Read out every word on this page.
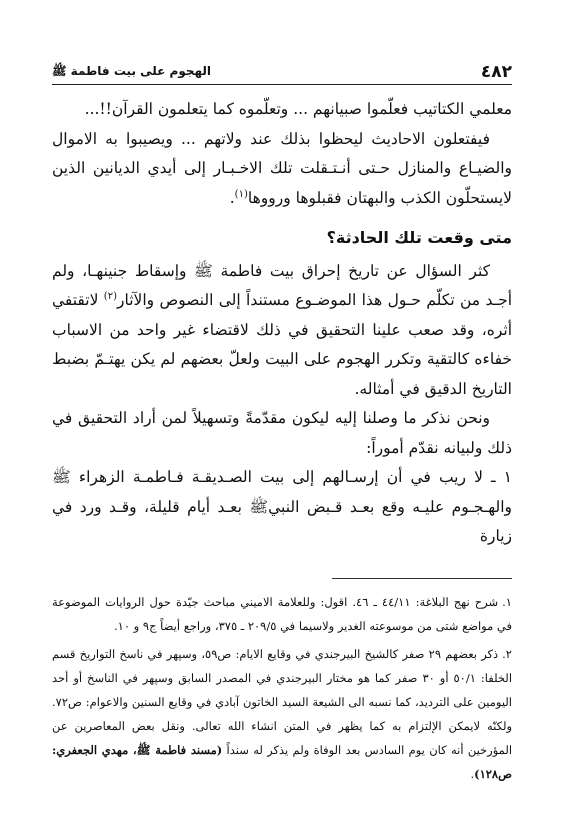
٤٨٢
الهجوم على بيت فاطمة ﷺ

معلمي الكتاتيب فعلّموا صبيانهم ... وتعلّموه كما يتعلمون القرآن!!...

فيفتعلون الاحاديث ليحظوا بذلك عند ولاتهم ... ويصيبوا به الاموال والضيـاع والمنازل حـتى أنـتـقلت تلك الاخـبـار إلى أيدي الديانين الذين لايستحلّون الكذب والبهتان فقبلوها ورووها$^{(١)}$.

متى وقعت تلك الحادثة؟

كثر السؤال عن تاريخ إحراق بيت فاطمة ﷺ وإسقاط جنينهـا، ولم أجـد من تكلّم حـول هذا الموضـوع مستنداً إلى النصوص والآثار$^{(٢)}$ لاتقتفي أثره، وقد صعب علينا التحقيق في ذلك لاقتضاء غير واحد من الاسباب خفاءه كالتقية وتكرر الهجوم على البيت ولعلّ بعضهم لم يكن يهتـمّ بضبط التاريخ الدقيق في أمثاله.

ونحن نذكر ما وصلنا إليه ليكون مقدّمةً وتسهيلاً لمن أراد التحقيق في ذلك ولبيانه نقدّم أموراً:

١ ـ لا ريب في أن إرسـالهم إلى بيت الصـديقـة فـاطمـة الزهراء ﷺ والهـجـوم عليـه وقع بعـد قـبض النبيﷺ بعـد أيام قليلة، وقـد ورد في زيارة

١.شرح نهج البلاغة: ٤٤/١١ ـ ٤٦. اقول: وللعلامة الاميني مباحث جيّدة حول الروايات الموضوعة في مواضع شتى من موسوعته الغدير ولاسيما في ٢٠٩/٥ ـ ٣٧٥، وراجع أيضاً ج٩ و ١٠.

٢.ذكر بعضهم ٢٩ صفر كالشيخ البيرجندي في وقايع الايام: ص٥٩، وسپهر في ناسخ التواريخ قسم الخلفا: ٥٠/١ أو ٣٠ صفر كما هو مختار البيرجندي في المصدر السابق وسپهر في الناسخ أو أحد اليومين على الترديد، كما نسبه الى الشيعة السيد الخاتون آبادي في وقايع السنين والاعوام: ص٧٢. ولكنّه لايمكن الإلتزام به كما يظهر في المتن انشاء الله تعالى. ونقل بعض المعاصرين عن المؤرخين أنه كان يوم السادس بعد الوفاة ولم يذكر له سنداً (مسند فاطمة ﷺ، مهدي الجعفري: ص١٢٨).
